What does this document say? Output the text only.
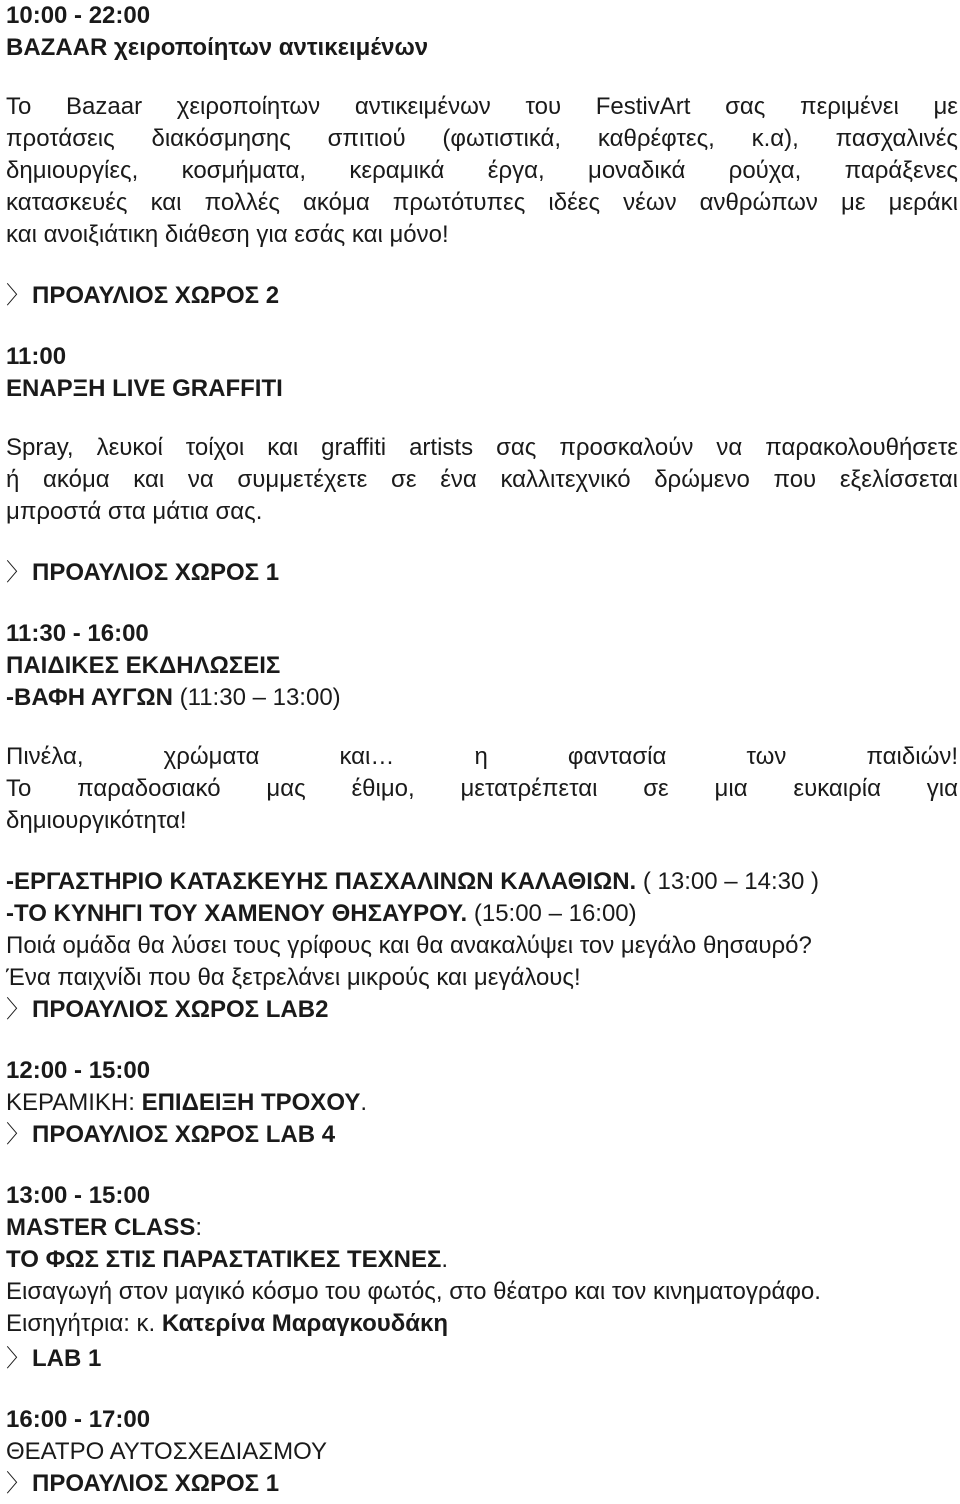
10:00 - 22:00
BAZAAR χειροποίητων αντικειμένων
Το Bazaar χειροποίητων αντικειμένων του FestivArt σας περιμένει με
προτάσεις διακόσμησης σπιτιού (φωτιστικά, καθρέφτες, κ.α), πασχαλινές
δημιουργίες, κοσμήματα, κεραμικά έργα, μοναδικά ρούχα, παράξενες
κατασκευές και πολλές ακόμα πρωτότυπες ιδέες νέων ανθρώπων με μεράκι
και ανοιξιάτικη διάθεση για εσάς και μόνο!
〉ΠΡΟΑΥΛΙΟΣ ΧΩΡΟΣ 2
11:00
ΕΝΑΡΞΗ LIVE GRAFFITI
Spray, λευκοί τοίχοι και graffiti artists σας προσκαλούν να παρακολουθήσετε
ή ακόμα και να συμμετέχετε σε ένα καλλιτεχνικό δρώμενο που εξελίσσεται
μπροστά στα μάτια σας.
〉ΠΡΟΑΥΛΙΟΣ ΧΩΡΟΣ 1
11:30 - 16:00
ΠΑΙΔΙΚΕΣ ΕΚΔΗΛΩΣΕΙΣ
-ΒΑΦΗ ΑΥΓΩΝ (11:30 – 13:00)
Πινέλα, χρώματα και… η φαντασία των παιδιών!
Το παραδοσιακό μας έθιμο, μετατρέπεται σε μια ευκαιρία για
δημιουργικότητα!
-ΕΡΓΑΣΤΗΡΙΟ ΚΑΤΑΣΚΕΥΗΣ ΠΑΣΧΑΛΙΝΩΝ ΚΑΛΑΘΙΩΝ. ( 13:00 – 14:30 )
-ΤΟ ΚΥΝΗΓΙ ΤΟΥ ΧΑΜΕΝΟΥ ΘΗΣΑΥΡΟΥ. (15:00 – 16:00)
Ποιά ομάδα θα λύσει τους γρίφους και θα ανακαλύψει τον μεγάλο θησαυρό?
Ένα παιχνίδι που θα ξετρελάνει μικρούς και μεγάλους!
〉ΠΡΟΑΥΛΙΟΣ ΧΩΡΟΣ LAB2
12:00 - 15:00
ΚΕΡΑΜΙΚΗ: ΕΠΙΔΕΙΞΗ ΤΡΟΧΟΥ.
〉ΠΡΟΑΥΛΙΟΣ ΧΩΡΟΣ LAB 4
13:00 - 15:00
MASTER CLASS:
ΤΟ ΦΩΣ ΣΤΙΣ ΠΑΡΑΣΤΑΤΙΚΕΣ ΤΕΧΝΕΣ.
Εισαγωγή στον μαγικό κόσμο του φωτός, στο θέατρο και τον κινηματογράφο.
Εισηγήτρια: κ. Κατερίνα Μαραγκουδάκη
〉LAB 1
16:00 - 17:00
ΘΕΑΤΡΟ ΑΥΤΟΣΧΕΔΙΑΣΜΟΥ
〉ΠΡΟΑΥΛΙΟΣ ΧΩΡΟΣ 1
